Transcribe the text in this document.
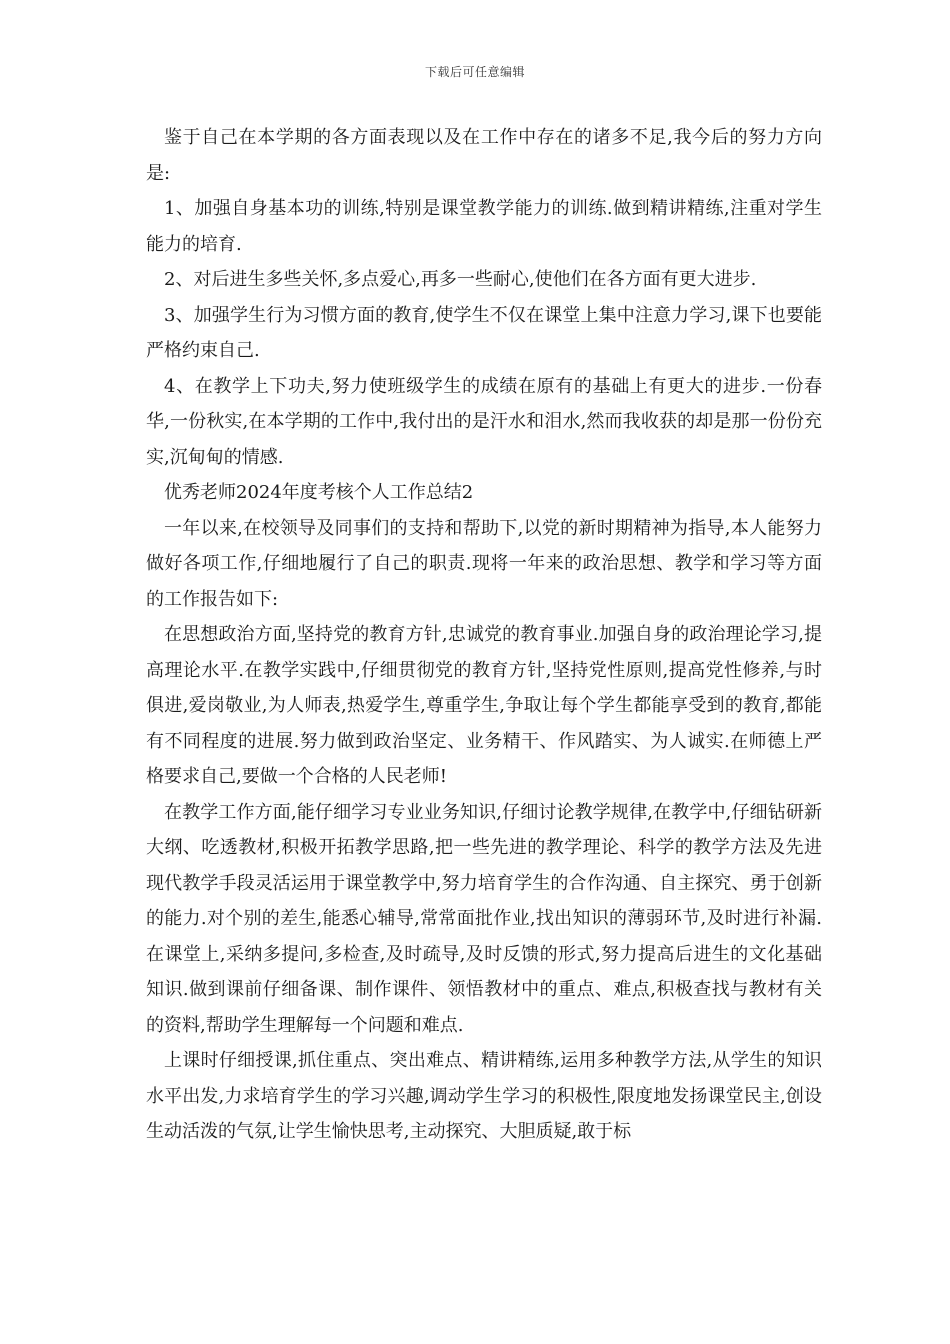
下载后可任意编辑

鉴于自己在本学期的各方面表现以及在工作中存在的诸多不足,我今后的努力方向是:

1、加强自身基本功的训练,特别是课堂教学能力的训练.做到精讲精练,注重对学生能力的培育.

2、对后进生多些关怀,多点爱心,再多一些耐心,使他们在各方面有更大进步.

3、加强学生行为习惯方面的教育,使学生不仅在课堂上集中注意力学习,课下也要能严格约束自己.

4、在教学上下功夫,努力使班级学生的成绩在原有的基础上有更大的进步.一份春华,一份秋实,在本学期的工作中,我付出的是汗水和泪水,然而我收获的却是那一份份充实,沉甸甸的情感.

优秀老师2024年度考核个人工作总结2

一年以来,在校领导及同事们的支持和帮助下,以党的新时期精神为指导,本人能努力做好各项工作,仔细地履行了自己的职责.现将一年来的政治思想、教学和学习等方面的工作报告如下:

在思想政治方面,坚持党的教育方针,忠诚党的教育事业.加强自身的政治理论学习,提高理论水平.在教学实践中,仔细贯彻党的教育方针,坚持党性原则,提高党性修养,与时俱进,爱岗敬业,为人师表,热爱学生,尊重学生,争取让每个学生都能享受到的教育,都能有不同程度的进展.努力做到政治坚定、业务精干、作风踏实、为人诚实.在师德上严格要求自己,要做一个合格的人民老师!

在教学工作方面,能仔细学习专业业务知识,仔细讨论教学规律,在教学中,仔细钻研新大纲、吃透教材,积极开拓教学思路,把一些先进的教学理论、科学的教学方法及先进现代教学手段灵活运用于课堂教学中,努力培育学生的合作沟通、自主探究、勇于创新的能力.对个别的差生,能悉心辅导,常常面批作业,找出知识的薄弱环节,及时进行补漏.在课堂上,采纳多提问,多检查,及时疏导,及时反馈的形式,努力提高后进生的文化基础知识.做到课前仔细备课、制作课件、领悟教材中的重点、难点,积极查找与教材有关的资料,帮助学生理解每一个问题和难点.

上课时仔细授课,抓住重点、突出难点、精讲精练,运用多种教学方法,从学生的知识水平出发,力求培育学生的学习兴趣,调动学生学习的积极性,限度地发扬课堂民主,创设生动活泼的气氛,让学生愉快思考,主动探究、大胆质疑,敢于标
